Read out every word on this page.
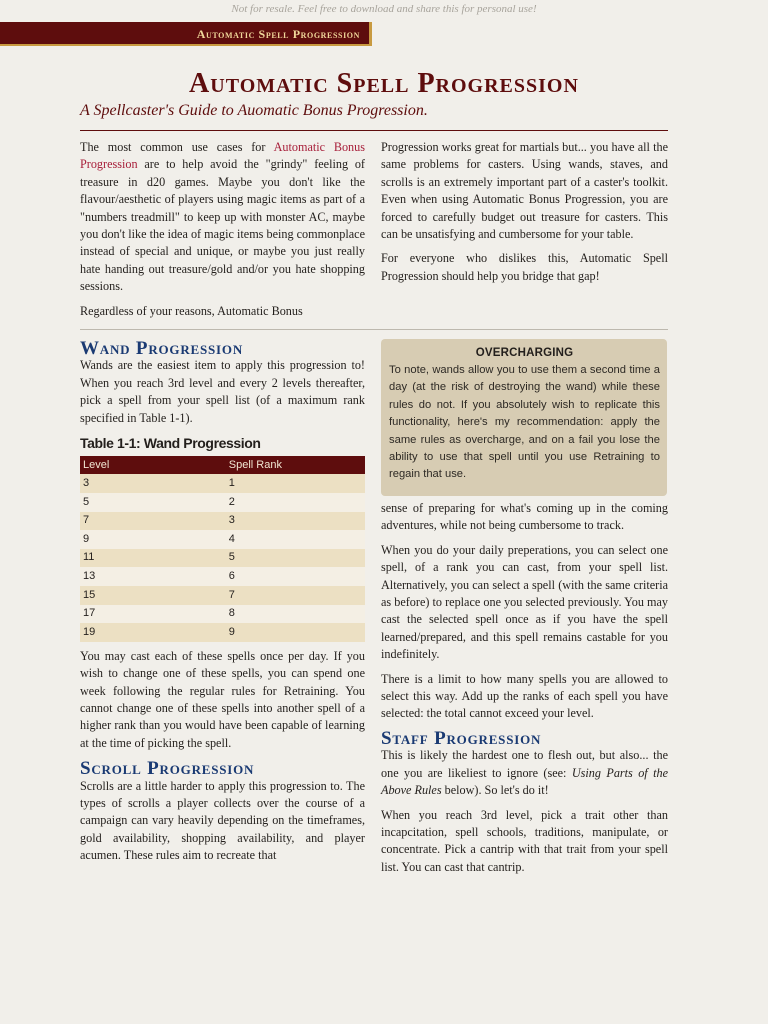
Not for resale. Feel free to download and share this for personal use!
Automatic Spell Progression
Automatic Spell Progression

A Spellcaster's Guide to Auomatic Bonus Progression.

The most common use cases for Automatic Bonus Progression are to help avoid the "grindy" feeling of treasure in d20 games. Maybe you don't like the flavour/aesthetic of players using magic items as part of a "numbers treadmill" to keep up with monster AC, maybe you don't like the idea of magic items being commonplace instead of special and unique, or maybe you just really hate handing out treasure/gold and/or you hate shopping sessions.

Regardless of your reasons, Automatic Bonus

Progression works great for martials but... you have all the same problems for casters. Using wands, staves, and scrolls is an extremely important part of a caster's toolkit. Even when using Automatic Bonus Progression, you are forced to carefully budget out treasure for casters. This can be unsatisfying and cumbersome for your table.

For everyone who dislikes this, Automatic Spell Progression should help you bridge that gap!

Wand Progression

Wands are the easiest item to apply this progression to! When you reach 3rd level and every 2 levels thereafter, pick a spell from your spell list (of a maximum rank specified in Table 1-1).

Table 1-1: Wand Progression
Level	Spell Rank
3	1
5	2
7	3
9	4
11	5
13	6
15	7
17	8
19	9

You may cast each of these spells once per day. If you wish to change one of these spells, you can spend one week following the regular rules for Retraining. You cannot change one of these spells into another spell of a higher rank than you would have been capable of learning at the time of picking the spell.

Scroll Progression

Scrolls are a little harder to apply this progression to. The types of scrolls a player collects over the course of a campaign can vary heavily depending on the timeframes, gold availability, shopping availability, and player acumen. These rules aim to recreate that

OVERCHARGING

To note, wands allow you to use them a second time a day (at the risk of destroying the wand) while these rules do not. If you absolutely wish to replicate this functionality, here's my recommendation: apply the same rules as overcharge, and on a fail you lose the ability to use that spell until you use Retraining to regain that use.

sense of preparing for what's coming up in the coming adventures, while not being cumbersome to track.

When you do your daily preperations, you can select one spell, of a rank you can cast, from your spell list. Alternatively, you can select a spell (with the same criteria as before) to replace one you selected previously. You may cast the selected spell once as if you have the spell learned/prepared, and this spell remains castable for you indefinitely.

There is a limit to how many spells you are allowed to select this way. Add up the ranks of each spell you have selected: the total cannot exceed your level.

Staff Progression

This is likely the hardest one to flesh out, but also... the one you are likeliest to ignore (see: Using Parts of the Above Rules below). So let's do it!

When you reach 3rd level, pick a trait other than incapcitation, spell schools, traditions, manipulate, or concentrate. Pick a cantrip with that trait from your spell list. You can cast that cantrip.
